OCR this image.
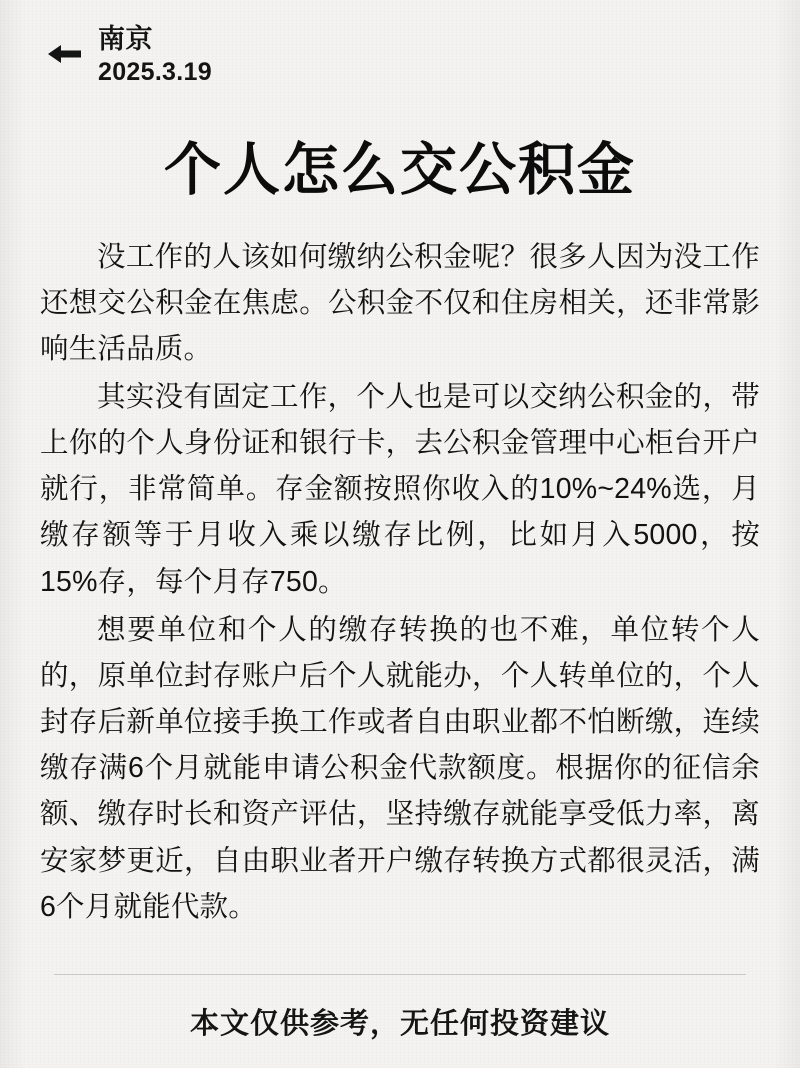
南京
2025.3.19
个人怎么交公积金

没工作的人该如何缴纳公积金呢？很多人因为没工作还想交公积金在焦虑。公积金不仅和住房相关，还非常影响生活品质。

其实没有固定工作，个人也是可以交纳公积金的，带上你的个人身份证和银行卡，去公积金管理中心柜台开户就行，非常简单。存金额按照你收入的10%~24%选，月缴存额等于月收入乘以缴存比例，比如月入5000，按15%存，每个月存750。

想要单位和个人的缴存转换的也不难，单位转个人的，原单位封存账户后个人就能办，个人转单位的，个人封存后新单位接手换工作或者自由职业都不怕断缴，连续缴存满6个月就能申请公积金代款额度。根据你的征信余额、缴存时长和资产评估，坚持缴存就能享受低力率，离安家梦更近，自由职业者开户缴存转换方式都很灵活，满6个月就能代款。

本文仅供参考，无任何投资建议
